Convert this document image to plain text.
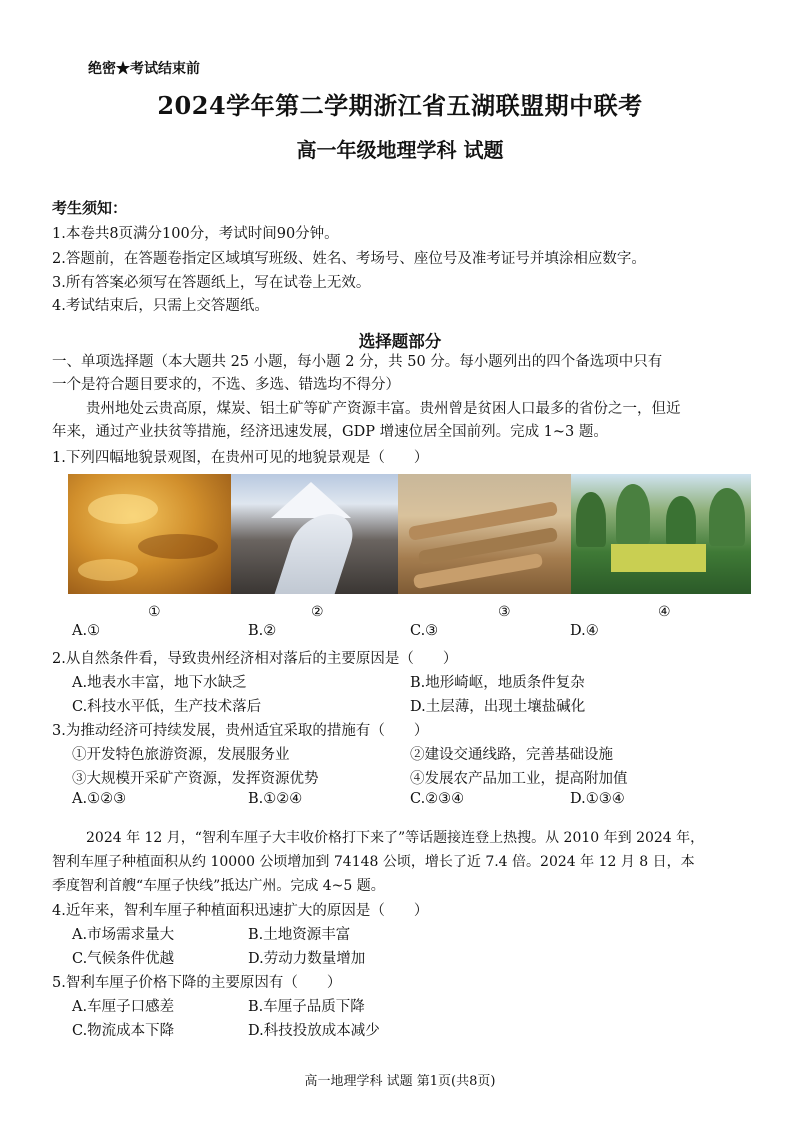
绝密★考试结束前
2024学年第二学期浙江省五湖联盟期中联考
高一年级地理学科 试题
考生须知：
1.本卷共8页满分100分，考试时间90分钟。
2.答题前，在答题卷指定区域填写班级、姓名、考场号、座位号及准考证号并填涂相应数字。
3.所有答案必须写在答题纸上，写在试卷上无效。
4.考试结束后，只需上交答题纸。
选择题部分
一、单项选择题（本大题共 25 小题，每小题 2 分，共 50 分。每小题列出的四个备选项中只有
一个是符合题目要求的，不选、多选、错选均不得分）
贵州地处云贵高原，煤炭、铝土矿等矿产资源丰富。贵州曾是贫困人口最多的省份之一，但近
年来，通过产业扶贫等措施，经济迅速发展，GDP 增速位居全国前列。完成 1~3 题。
1.下列四幅地貌景观图，在贵州可见的地貌景观是（　　）
①	②	③	④
A.①	B.②	C.③	D.④
2.从自然条件看，导致贵州经济相对落后的主要原因是（　　）
A.地表水丰富，地下水缺乏	B.地形崎岖，地质条件复杂
C.科技水平低，生产技术落后	D.土层薄，出现土壤盐碱化
3.为推动经济可持续发展，贵州适宜采取的措施有（　　）
①开发特色旅游资源，发展服务业	②建设交通线路，完善基础设施
③大规模开采矿产资源，发挥资源优势	④发展农产品加工业，提高附加值
A.①②③	B.①②④	C.②③④	D.①③④
2024 年 12 月，“智利车厘子大丰收价格打下来了”等话题接连登上热搜。从 2010 年到 2024 年，
智利车厘子种植面积从约 10000 公顷增加到 74148 公顷，增长了近 7.4 倍。2024 年 12 月 8 日，本
季度智利首艘“车厘子快线”抵达广州。完成 4~5 题。
4.近年来，智利车厘子种植面积迅速扩大的原因是（　　）
A.市场需求量大	B.土地资源丰富
C.气候条件优越	D.劳动力数量增加
5.智利车厘子价格下降的主要原因有（　　）
A.车厘子口感差	B.车厘子品质下降
C.物流成本下降	D.科技投放成本减少
高一地理学科 试题 第1页(共8页)
